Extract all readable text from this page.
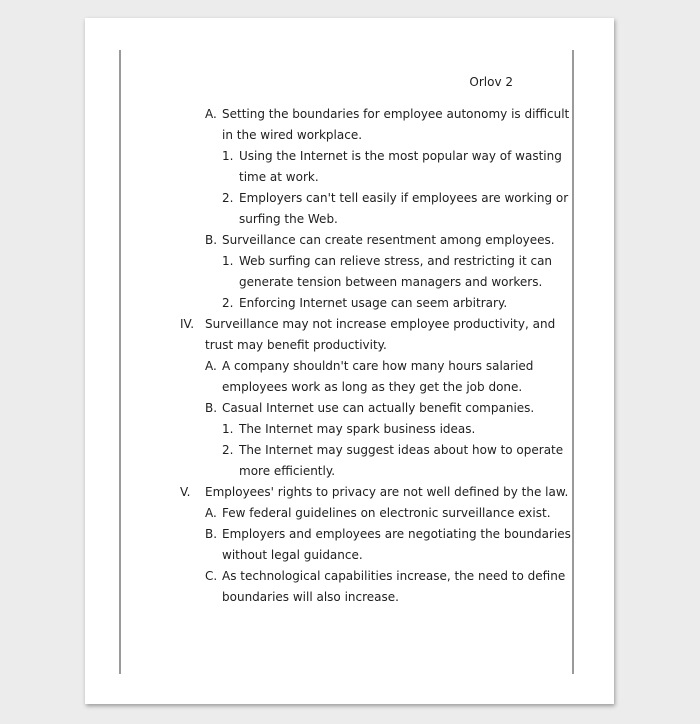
Orlov 2
A. Setting the boundaries for employee autonomy is difficult
in the wired workplace.
1. Using the Internet is the most popular way of wasting
time at work.
2. Employers can't tell easily if employees are working or
surfing the Web.
B. Surveillance can create resentment among employees.
1. Web surfing can relieve stress, and restricting it can
generate tension between managers and workers.
2. Enforcing Internet usage can seem arbitrary.
IV. Surveillance may not increase employee productivity, and
trust may benefit productivity.
A. A company shouldn't care how many hours salaried
employees work as long as they get the job done.
B. Casual Internet use can actually benefit companies.
1. The Internet may spark business ideas.
2. The Internet may suggest ideas about how to operate
more efficiently.
V. Employees' rights to privacy are not well defined by the law.
A. Few federal guidelines on electronic surveillance exist.
B. Employers and employees are negotiating the boundaries
without legal guidance.
C. As technological capabilities increase, the need to define
boundaries will also increase.
